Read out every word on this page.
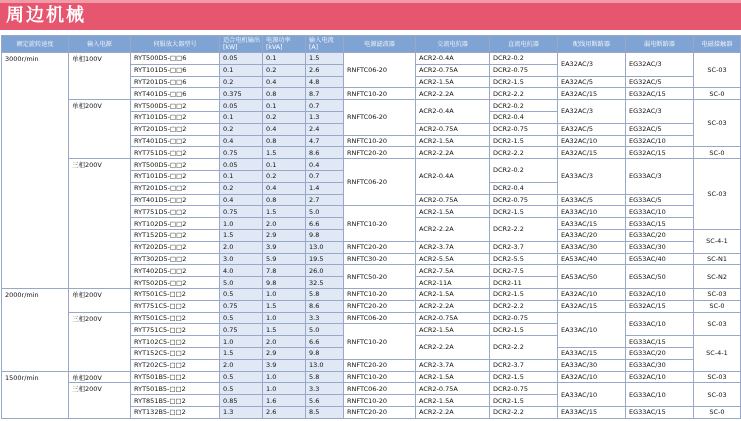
周边机械
额定旋转速度	输入电源	伺服放大器型号	适合电机输出 [kW]	电源功率 [kVA]	输入电流 [A]	电源滤波器	交流电抗器	直流电抗器	配线用断路器	漏电断路器	电磁接触器
3000r/min	单相100V	RYT500D5-□□6	0.05	0.1	1.5	RNFTC06-20	ACR2-0.4A	DCR2-0.2	EA32AC/3	EG32AC/3	SC-03
		RYT101D5-□□6	0.1	0.2	2.6		ACR2-0.75A	DCR2-0.75			
		RYT201D5-□□6	0.2	0.4	4.8		ACR2-1.5A	DCR2-1.5	EA32AC/5	EG32AC/5	
		RYT401D5-□□6	0.375	0.8	8.7	RNFTC10-20	ACR2-2.2A	DCR2-2.2	EA32AC/15	EG32AC/15	SC-0
	单相200V	RYT500D5-□□2	0.05	0.1	0.7	RNFTC06-20	ACR2-0.4A	DCR2-0.2	EA32AC/3	EG32AC/3	SC-03
		RYT101D5-□□2	0.1	0.2	1.3			DCR2-0.4			
		RYT201D5-□□2	0.2	0.4	2.4		ACR2-0.75A	DCR2-0.75	EA32AC/5	EG32AC/5	
		RYT401D5-□□2	0.4	0.8	4.7	RNFTC10-20	ACR2-1.5A	DCR2-1.5	EA32AC/10	EG32AC/10	
		RYT751D5-□□2	0.75	1.5	8.6	RNFTC20-20	ACR2-2.2A	DCR2-2.2	EA32AC/15	EG32AC/15	SC-0
	三相200V	RYT500D5-□□2	0.05	0.1	0.4	RNFTC06-20	ACR2-0.4A	DCR2-0.2	EA33AC/3	EG33AC/3	SC-03
		RYT101D5-□□2	0.1	0.2	0.7						
		RYT201D5-□□2	0.2	0.4	1.4			DCR2-0.4			
		RYT401D5-□□2	0.4	0.8	2.7		ACR2-0.75A	DCR2-0.75	EA33AC/5	EG33AC/5	
		RYT751D5-□□2	0.75	1.5	5.0	RNFTC10-20	ACR2-1.5A	DCR2-1.5	EA33AC/10	EG33AC/10	
		RYT102D5-□□2	1.0	2.0	6.6		ACR2-2.2A	DCR2-2.2	EA33AC/15	EG33AC/15	
		RYT152D5-□□2	1.5	2.9	9.8				EA33AC/20	EG33AC/20	SC-4-1
		RYT202D5-□□2	2.0	3.9	13.0	RNFTC20-20	ACR2-3.7A	DCR2-3.7	EA33AC/30	EG33AC/30	
		RYT302D5-□□2	3.0	5.9	19.5	RNFTC30-20	ACR2-5.5A	DCR2-5.5	EA53AC/40	EG53AC/40	SC-N1
		RYT402D5-□□2	4.0	7.8	26.0	RNFTC50-20	ACR2-7.5A	DCR2-7.5	EA53AC/50	EG53AC/50	SC-N2
		RYT502D5-□□2	5.0	9.8	32.5		ACR2-11A	DCR2-11			
2000r/min	单相200V	RYT501C5-□□2	0.5	1.0	5.8	RNFTC10-20	ACR2-1.5A	DCR2-1.5	EA32AC/10	EG32AC/10	SC-03
		RYT751C5-□□2	0.75	1.5	8.6	RNFTC20-20	ACR2-2.2A	DCR2-2.2	EA32AC/15	EG32AC/15	SC-0
	三相200V	RYT501C5-□□2	0.5	1.0	3.3	RNFTC06-20	ACR2-0.75A	DCR2-0.75	EA33AC/10	EG33AC/10	SC-03
		RYT751C5-□□2	0.75	1.5	5.0	RNFTC10-20	ACR2-1.5A	DCR2-1.5			
		RYT102C5-□□2	1.0	2.0	6.6		ACR2-2.2A	DCR2-2.2		EG33AC/15	SC-4-1
		RYT152C5-□□2	1.5	2.9	9.8				EA33AC/15	EG33AC/20	
		RYT202C5-□□2	2.0	3.9	13.0	RNFTC20-20	ACR2-3.7A	DCR2-3.7	EA33AC/30	EG33AC/30	
1500r/min	单相200V	RYT501B5-□□2	0.5	1.0	5.8	RNFTC10-20	ACR2-1.5A	DCR2-1.5	EA32AC/10	EG32AC/10	SC-03
	三相200V	RYT501B5-□□2	0.5	1.0	3.3	RNFTC06-20	ACR2-0.75A	DCR2-0.75	EA33AC/10	EG33AC/10	SC-03
		RYT851B5-□□2	0.85	1.6	5.6	RNFTC10-20	ACR2-1.5A	DCR2-1.5			
		RYT132B5-□□2	1.3	2.6	8.5	RNFTC20-20	ACR2-2.2A	DCR2-2.2	EA33AC/15	EG33AC/15	SC-0
